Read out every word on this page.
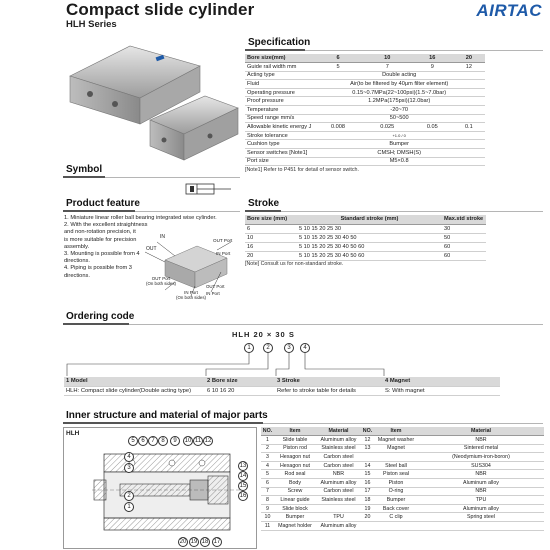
Compact slide cylinder
HLH Series
AIRTAC
Specification
Bore size(mm)	6	10	16	20
Guide rail width mm	5	7	9	12
Acting type	Double acting			
Fluid	Air(to be filtered by 40μm filter element)			
Operating pressure	0.15~0.7MPa(22~100psi)(1.5~7.0bar)			
Proof pressure	1.2MPa(175psi)(12.0bar)			
Temperature	-20~70			
Speed range mm/s	50~500			
Allowable kinetic energy J	0.008	0.025	0.05	0.1
Stroke tolerance	+1.0 / 0			
Cushion type	Bumper			
Sensor switches [Note1]	CMSH; DMSH(S)			
Port size	M5×0.8			
[Note1] Refer to P451 for detail of sensor switch.
Symbol
Product feature
1. Miniature linear roller ball bearing integrated wise cylinder.
2. With the excellent straightness
and non-rotation precision, it
is more suitable for precision
assembly.
3. Mounting is possible from 4
directions.
4. Piping is possible from 3
directions.
IN
OUT
OUT Port
IN Port
OUT Port
(On both sides)
IN Port
(On both sides)
OUT Port
IN Port
Stroke
Bore size (mm)	Standard stroke (mm)	Max.std stroke
6	5 10 15 20 25 30	30
10	5 10 15 20 25 30 40 50	50
16	5 10 15 20 25 30 40 50 60	60
20	5 10 15 20 25 30 40 50 60	60
[Note] Consult us for non-standard stroke.
Ordering code
HLH 20 × 30 S
1	2	3	4
1 Model	2 Bore size	3 Stroke	4 Magnet
HLH: Compact slide cylinder(Double acting type)	6 10 16 20	Refer to stroke table for details	S: With magnet
Inner structure and material of major parts
HLH
5	6	7	8	9	10 11 12
4
3
2
1
13
14
15
16
20 19 18 17
NO.	Item	Material	NO.	Item	Material
1	Slide table	Aluminum alloy	12	Magnet washer	NBR
2	Piston rod	Stainless steel	13	Magnet	Sintered metal
3	Hexagon nut	Carbon steel			(Neodymium-iron-boron)
4	Hexagon nut	Carbon steel	14	Steel ball	SUS304
5	Rod seal	NBR	15	Piston seal	NBR
6	Body	Aluminum alloy	16	Piston	Aluminum alloy
7	Screw	Carbon steel	17	O-ring	NBR
8	Linear guide	Stainless steel	18	Bumper	TPU
9	Slide block		19	Back cover	Aluminum alloy
10	Bumper	TPU	20	C clip	Spring steel
11	Magnet holder	Aluminum alloy			
